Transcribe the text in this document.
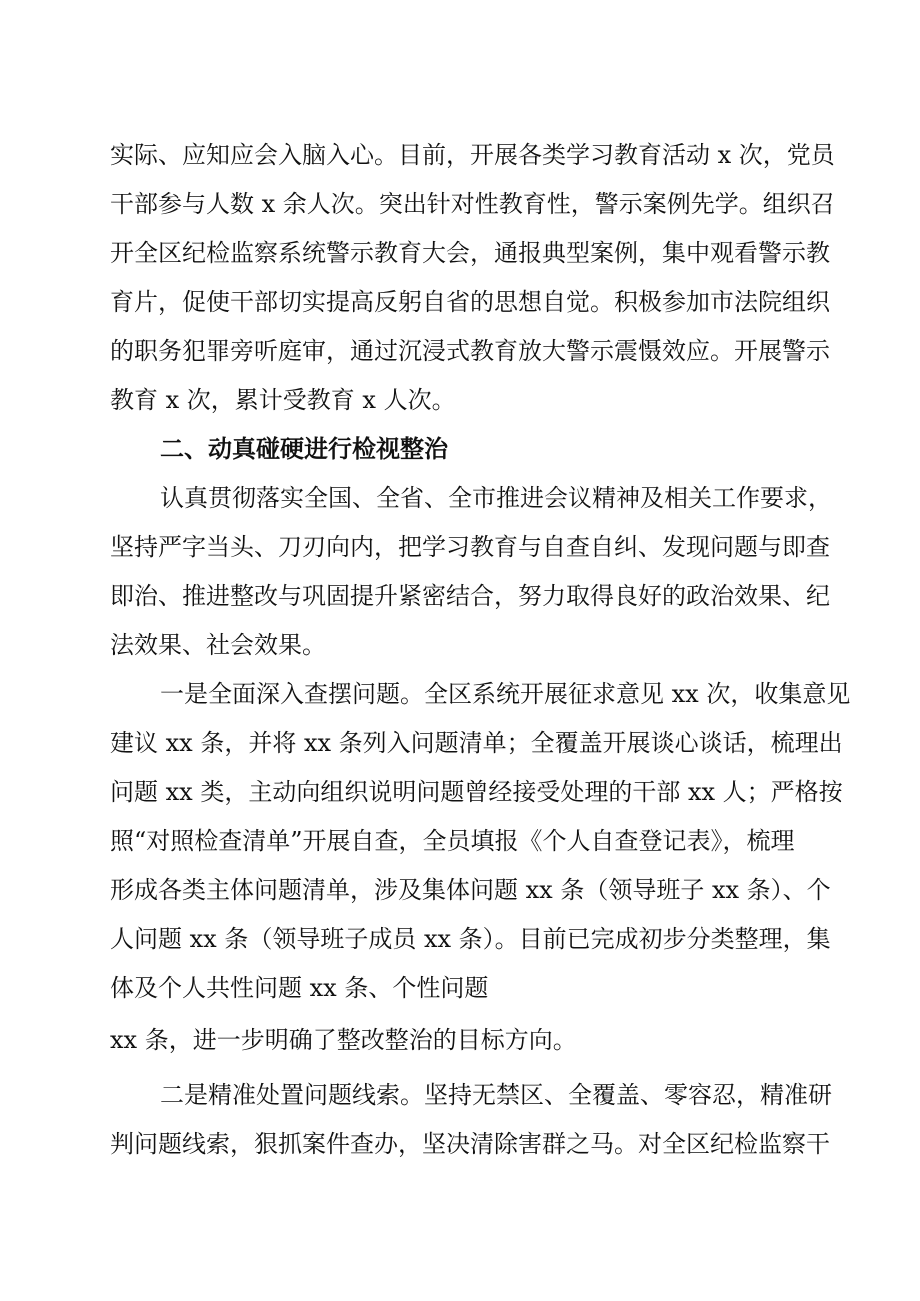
实际、应知应会入脑入心。目前，开展各类学习教育活动 x 次，党员
干部参与人数 x 余人次。突出针对性教育性，警示案例先学。组织召
开全区纪检监察系统警示教育大会，通报典型案例，集中观看警示教
育片，促使干部切实提高反躬自省的思想自觉。积极参加市法院组织
的职务犯罪旁听庭审，通过沉浸式教育放大警示震慑效应。开展警示
教育 x 次，累计受教育 x 人次。
二、动真碰硬进行检视整治
认真贯彻落实全国、全省、全市推进会议精神及相关工作要求，
坚持严字当头、刀刃向内，把学习教育与自查自纠、发现问题与即查
即治、推进整改与巩固提升紧密结合，努力取得良好的政治效果、纪
法效果、社会效果。
一是全面深入查摆问题。全区系统开展征求意见 xx 次，收集意见
建议 xx 条，并将 xx 条列入问题清单；全覆盖开展谈心谈话，梳理出
问题 xx 类，主动向组织说明问题曾经接受处理的干部 xx 人；严格按
照“对照检查清单”开展自查，全员填报《个人自查登记表》，梳理
形成各类主体问题清单，涉及集体问题 xx 条（领导班子 xx 条）、个
人问题 xx 条（领导班子成员 xx 条）。目前已完成初步分类整理，集
体及个人共性问题 xx 条、个性问题
xx 条，进一步明确了整改整治的目标方向。
二是精准处置问题线索。坚持无禁区、全覆盖、零容忍，精准研
判问题线索，狠抓案件查办，坚决清除害群之马。对全区纪检监察干
